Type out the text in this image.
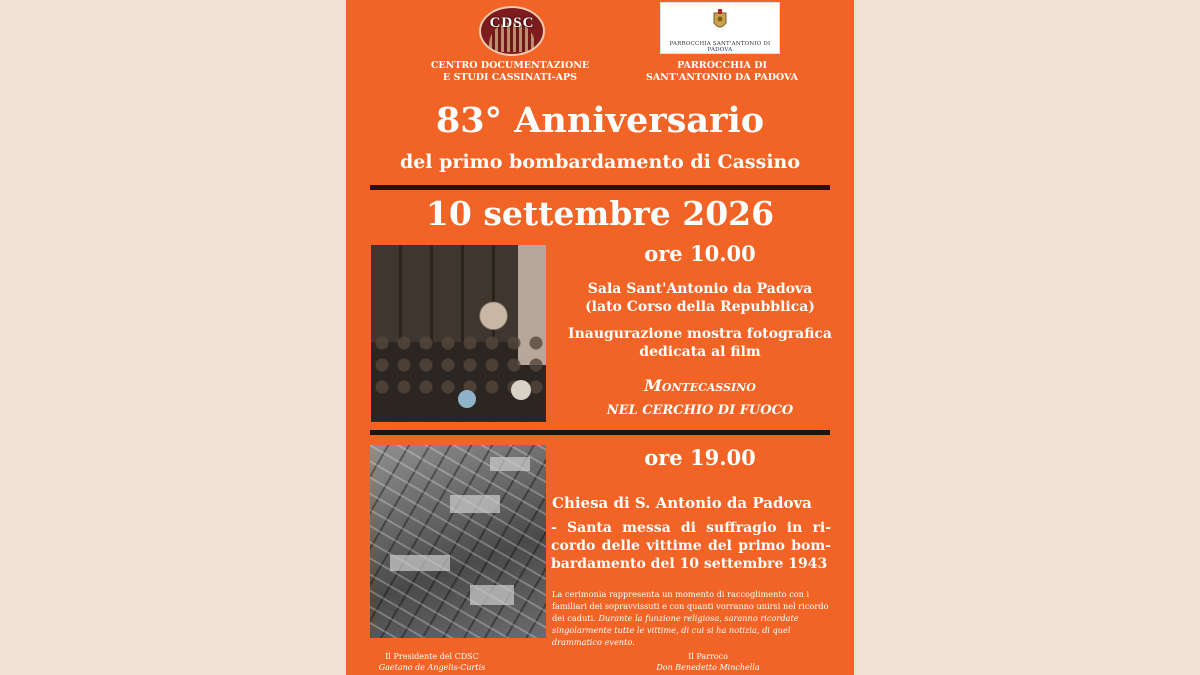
CDSC
PARROCCHIA SANT'ANTONIO DI PADOVA
CENTRO DOCUMENTAZIONE
E STUDI CASSINATI-APS
PARROCCHIA DI
SANT'ANTONIO DA PADOVA
83° Anniversario
del primo bombardamento di Cassino
10 settembre 2026
ore 10.00
Sala Sant'Antonio da Padova
(lato Corso della Repubblica)
Inaugurazione mostra fotografica
dedicata al film
Montecassino
NEL CERCHIO DI FUOCO
ore 19.00
Chiesa di S. Antonio da Padova
- Santa messa di suffragio in ri-
cordo delle vittime del primo bom-
bardamento del 10 settembre 1943
La cerimonia rappresenta un momento di raccoglimento con i familiari dei sopravvissuti e con quanti vorranno unirsi nel ricordo dei caduti. Durante la funzione religiosa, saranno ricordate singolarmente tutte le vittime, di cui si ha notizia, di quel drammatico evento.
Il Presidente del CDSC
Gaetano de Angelis-Curtis
Il Parroco
Don Benedetto Minchella
